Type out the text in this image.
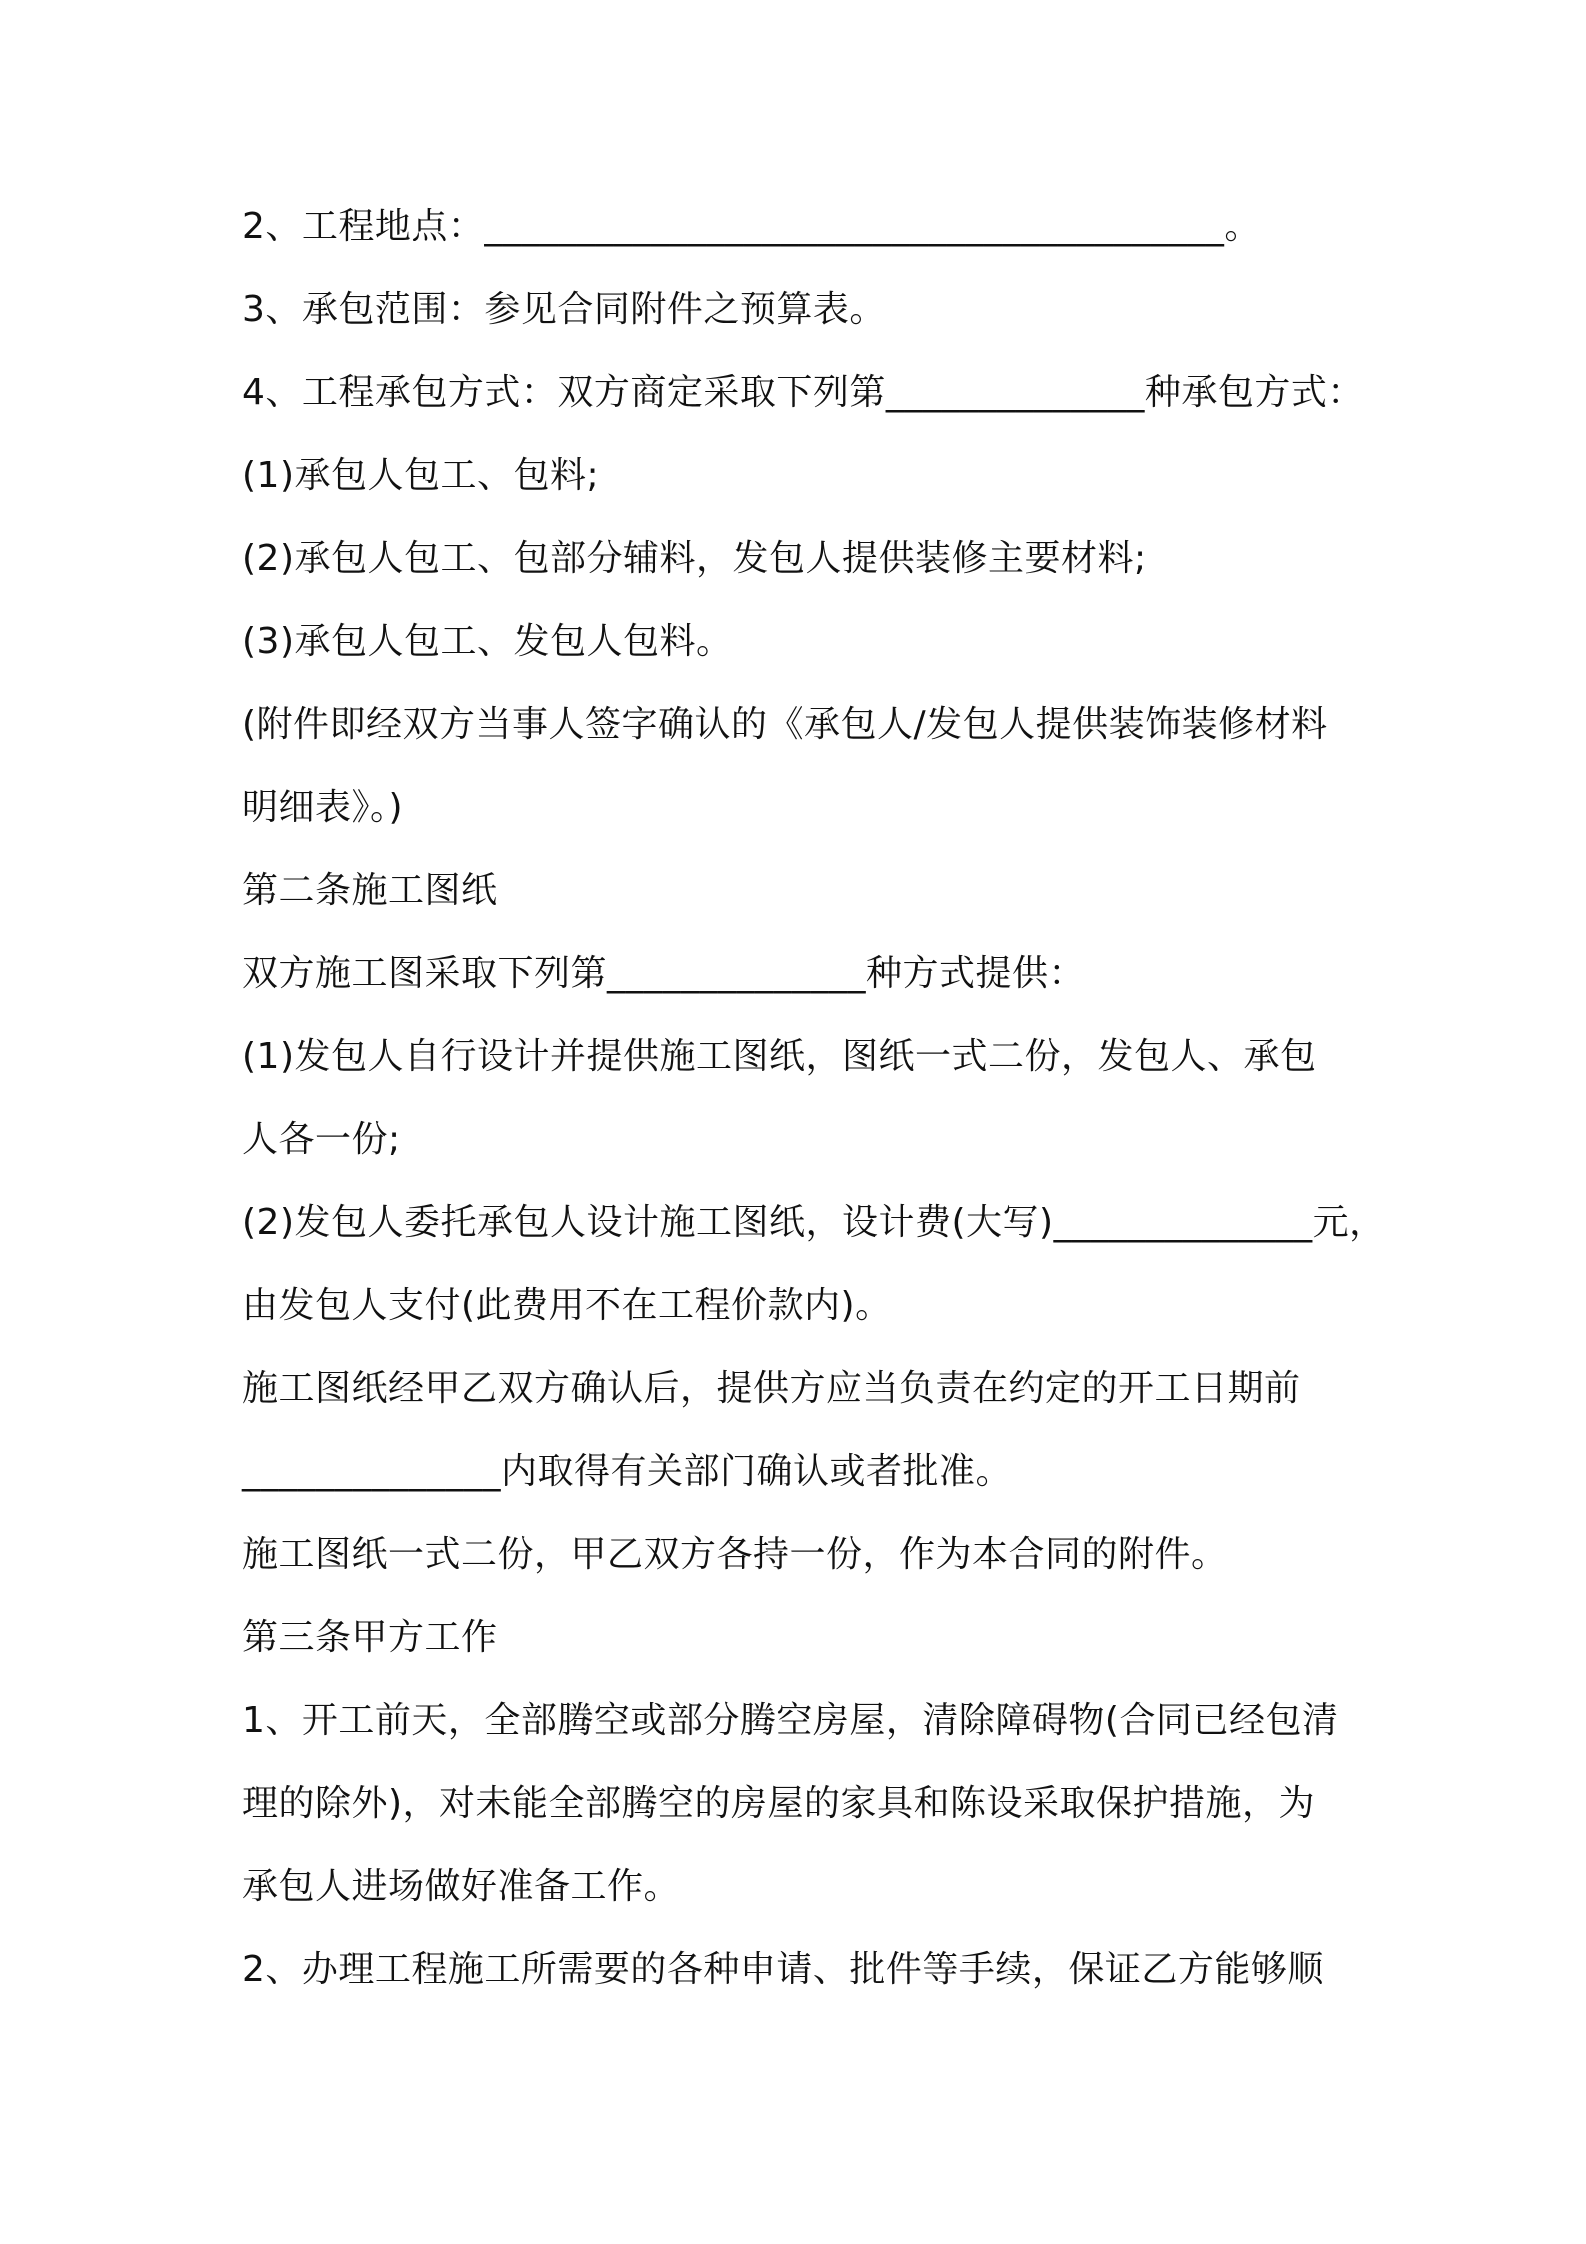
2、工程地点：________________________________________。
3、承包范围：参见合同附件之预算表。
4、工程承包方式：双方商定采取下列第______________种承包方式：
(1)承包人包工、包料;
(2)承包人包工、包部分辅料，发包人提供装修主要材料;
(3)承包人包工、发包人包料。
(附件即经双方当事人签字确认的《承包人/发包人提供装饰装修材料
明细表》。)
第二条施工图纸
双方施工图采取下列第______________种方式提供：
(1)发包人自行设计并提供施工图纸，图纸一式二份，发包人、承包
人各一份;
(2)发包人委托承包人设计施工图纸，设计费(大写)______________元，
由发包人支付(此费用不在工程价款内)。
施工图纸经甲乙双方确认后，提供方应当负责在约定的开工日期前
______________内取得有关部门确认或者批准。
施工图纸一式二份，甲乙双方各持一份，作为本合同的附件。
第三条甲方工作
1、开工前天，全部腾空或部分腾空房屋，清除障碍物(合同已经包清
理的除外)，对未能全部腾空的房屋的家具和陈设采取保护措施，为
承包人进场做好准备工作。
2、办理工程施工所需要的各种申请、批件等手续，保证乙方能够顺
